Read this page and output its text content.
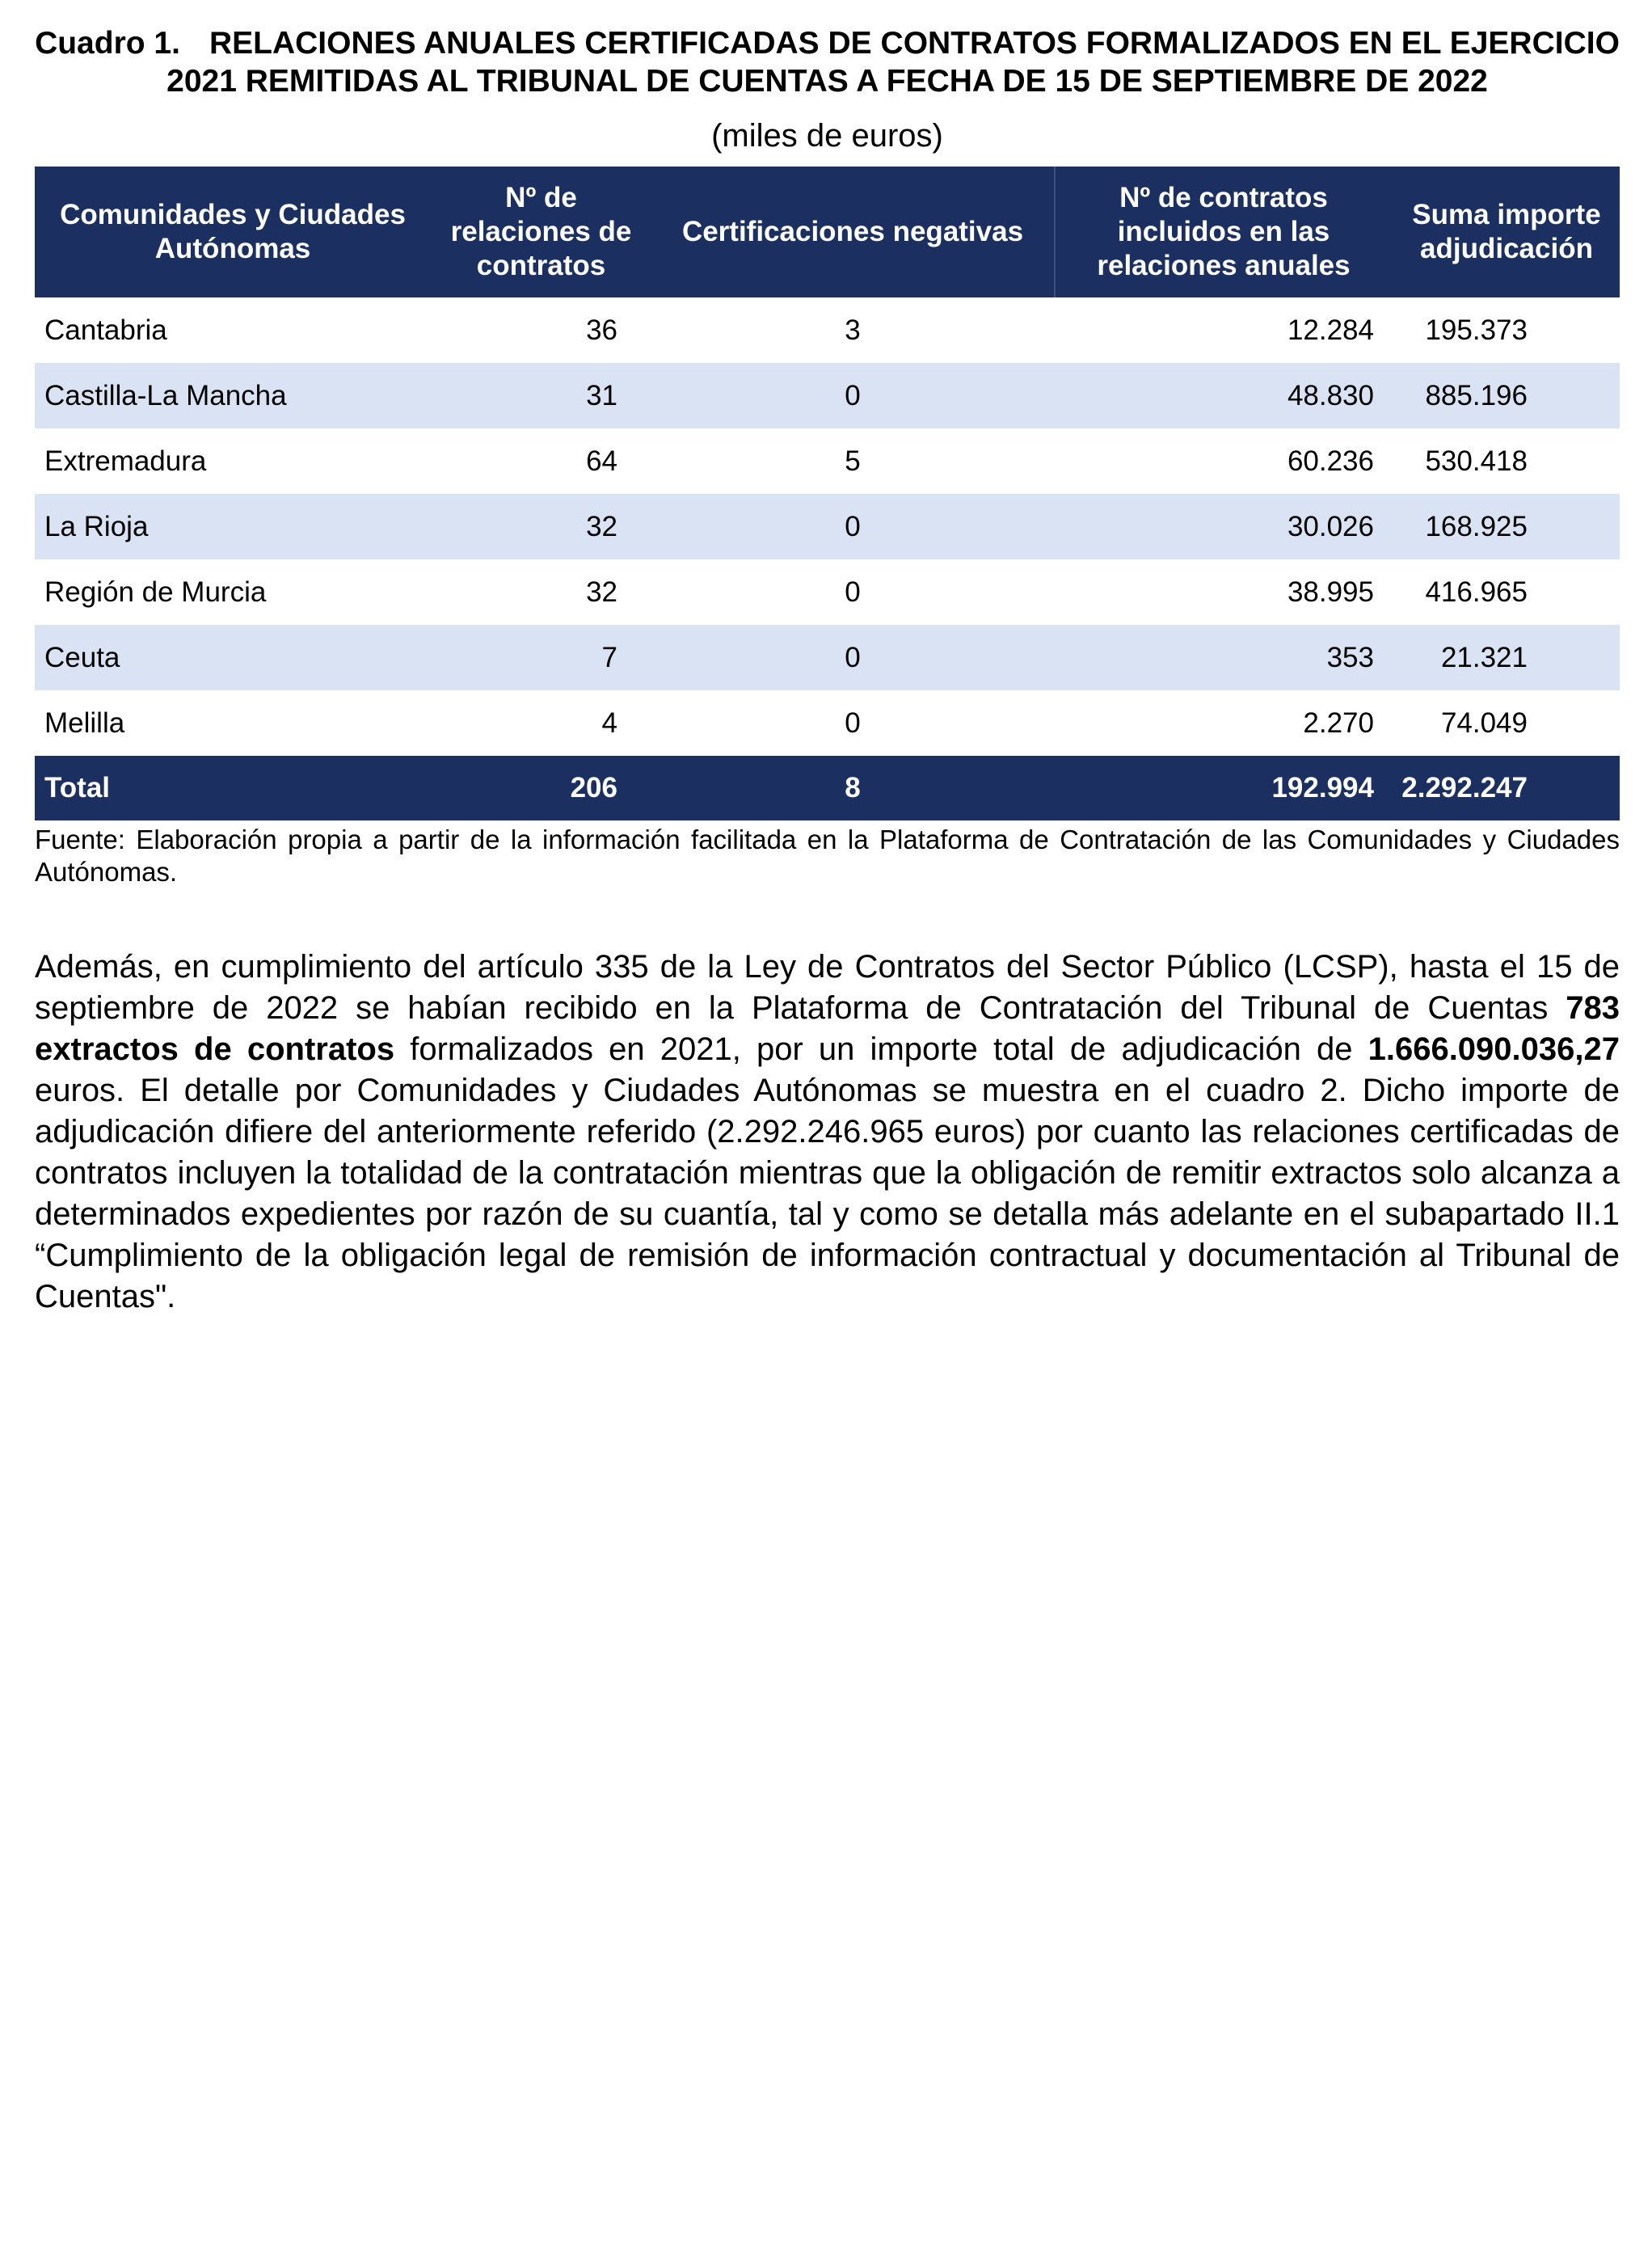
Cuadro 1. RELACIONES ANUALES CERTIFICADAS DE CONTRATOS FORMALIZADOS EN EL EJERCICIO 2021 REMITIDAS AL TRIBUNAL DE CUENTAS A FECHA DE 15 DE SEPTIEMBRE DE 2022

(miles de euros)
Comunidades y Ciudades Autónomas	Nº de relaciones de contratos	Certificaciones negativas	Nº de contratos incluidos en las relaciones anuales	Suma importe adjudicación
Cantabria	36	3	12.284	195.373
Castilla-La Mancha	31	0	48.830	885.196
Extremadura	64	5	60.236	530.418
La Rioja	32	0	30.026	168.925
Región de Murcia	32	0	38.995	416.965
Ceuta	7	0	353	21.321
Melilla	4	0	2.270	74.049
Total	206	8	192.994	2.292.247
Fuente: Elaboración propia a partir de la información facilitada en la Plataforma de Contratación de las Comunidades y Ciudades Autónomas.

Además, en cumplimiento del artículo 335 de la Ley de Contratos del Sector Público (LCSP), hasta el 15 de septiembre de 2022 se habían recibido en la Plataforma de Contratación del Tribunal de Cuentas 783 extractos de contratos formalizados en 2021, por un importe total de adjudicación de 1.666.090.036,27 euros. El detalle por Comunidades y Ciudades Autónomas se muestra en el cuadro 2. Dicho importe de adjudicación difiere del anteriormente referido (2.292.246.965 euros) por cuanto las relaciones certificadas de contratos incluyen la totalidad de la contratación mientras que la obligación de remitir extractos solo alcanza a determinados expedientes por razón de su cuantía, tal y como se detalla más adelante en el subapartado II.1 “Cumplimiento de la obligación legal de remisión de información contractual y documentación al Tribunal de Cuentas".
